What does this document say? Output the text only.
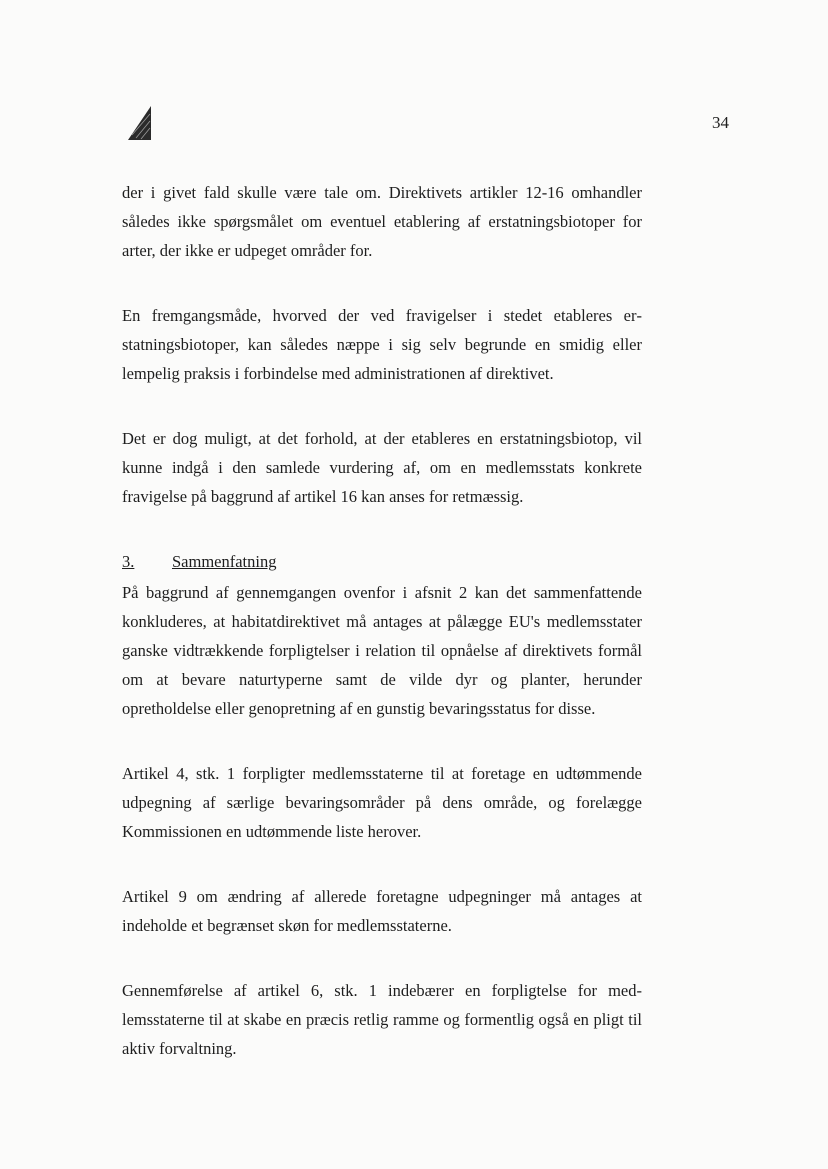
34

der i givet fald skulle være tale om. Direktivets artikler 12-16 omhandler således ikke spørgsmålet om eventuel etablering af erstatningsbiotoper for arter, der ikke er udpeget områder for.

En fremgangsmåde, hvorved der ved fravigelser i stedet etableres erstatningsbiotoper, kan således næppe i sig selv begrunde en smidig eller lempelig praksis i forbindelse med administrationen af direktivet.

Det er dog muligt, at det forhold, at der etableres en erstatningsbiotop, vil kunne indgå i den samlede vurdering af, om en medlemsstats konkrete fravigelse på baggrund af artikel 16 kan anses for retmæssig.

3.	Sammenfatning

På baggrund af gennemgangen ovenfor i afsnit 2 kan det sammenfattende konkluderes, at habitatdirektivet må antages at pålægge EU's medlemsstater ganske vidtrækkende forpligtelser i relation til opnåelse af direktivets formål om at bevare naturtyperne samt de vilde dyr og planter, herunder opretholdelse eller genopretning af en gunstig bevaringsstatus for disse.

Artikel 4, stk. 1 forpligter medlemsstaterne til at foretage en udtømmende udpegning af særlige bevaringsområder på dens område, og forelægge Kommissionen en udtømmende liste herover.

Artikel 9 om ændring af allerede foretagne udpegninger må antages at indeholde et begrænset skøn for medlemsstaterne.

Gennemførelse af artikel 6, stk. 1 indebærer en forpligtelse for medlemsstaterne til at skabe en præcis retlig ramme og formentlig også en pligt til aktiv forvaltning.
